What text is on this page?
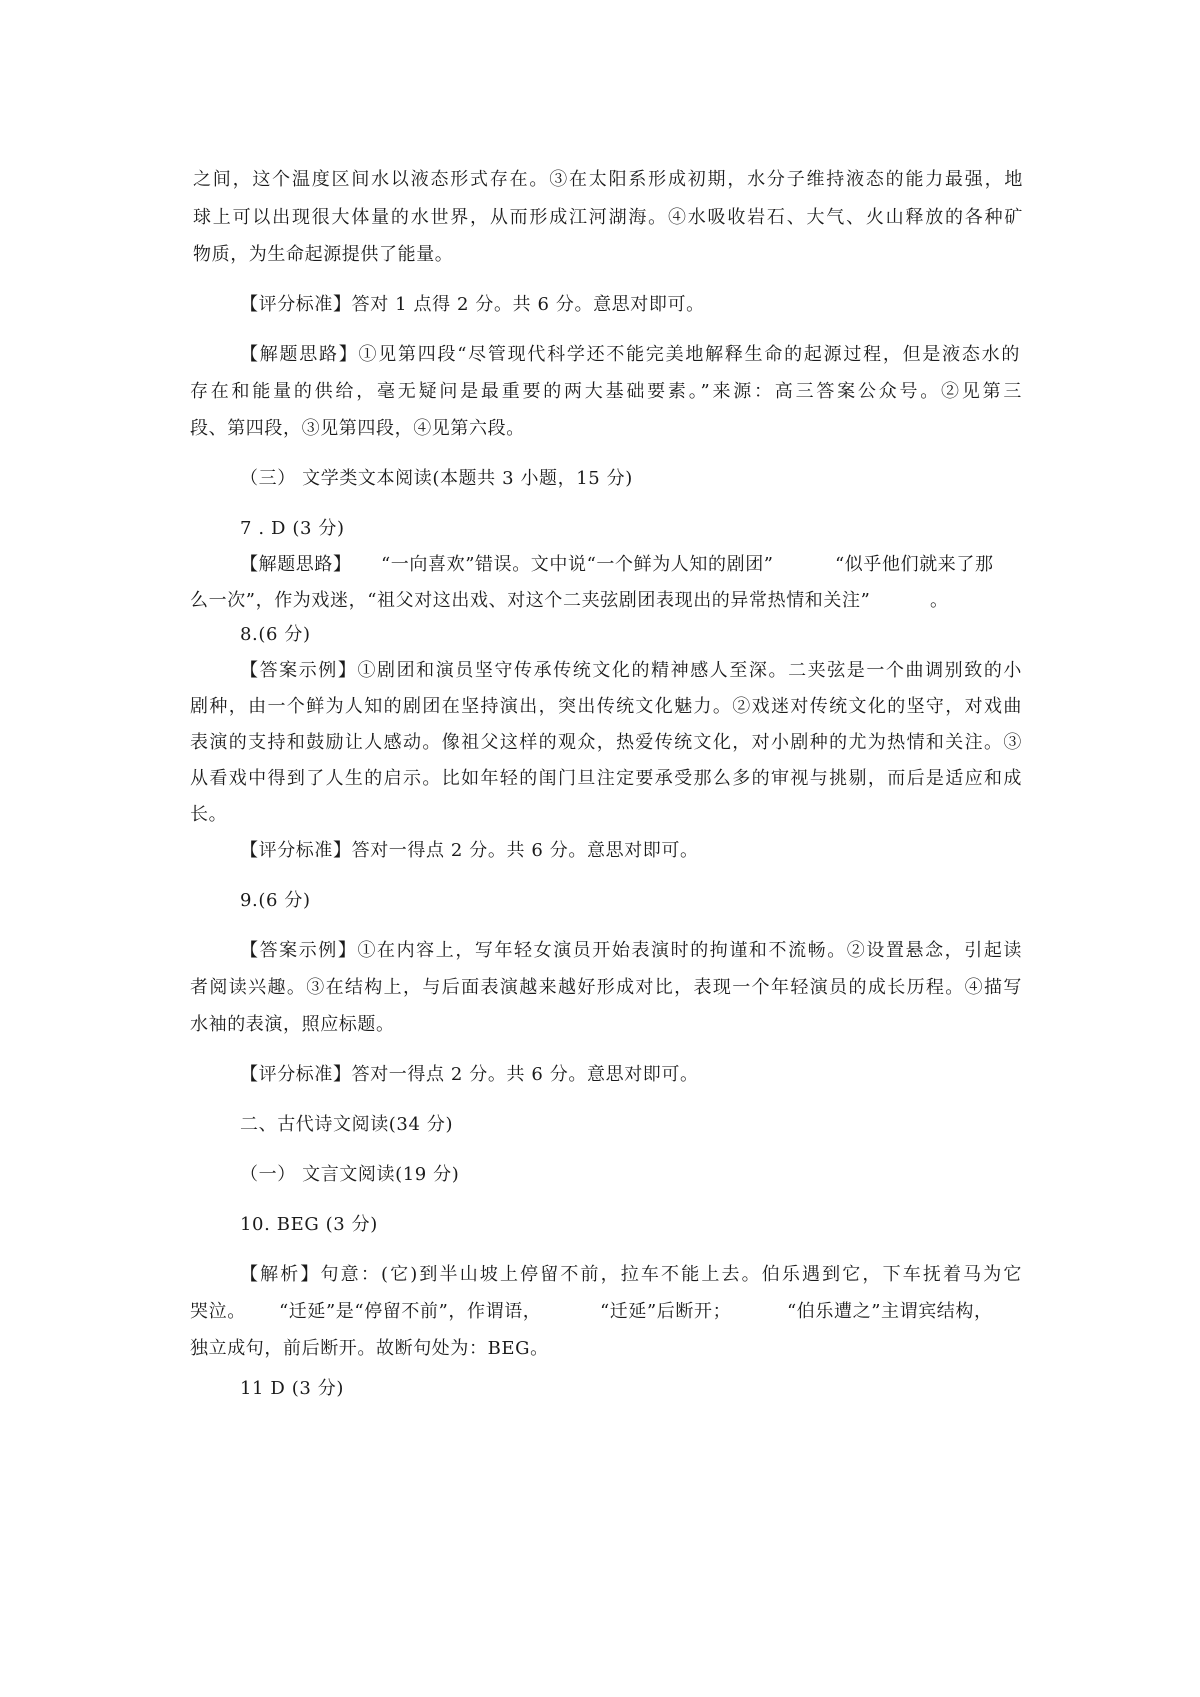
之间，这个温度区间水以液态形式存在。③在太阳系形成初期，水分子维持液态的能力最强，地
球上可以出现很大体量的水世界，从而形成江河湖海。④水吸收岩石、大气、火山释放的各种矿
物质，为生命起源提供了能量。
【评分标准】答对 1 点得 2 分。共 6 分。意思对即可。
【解题思路】①见第四段“尽管现代科学还不能完美地解释生命的起源过程，但是液态水的
存在和能量的供给，毫无疑问是最重要的两大基础要素。”来源：高三答案公众号。②见第三
段、第四段，③见第四段，④见第六段。
（三） 文学类文本阅读(本题共 3 小题，15 分)
7 . D (3 分)
【解题思路】 “一向喜欢”错误。文中说“一个鲜为人知的剧团”	“似乎他们就来了那
么一次”，作为戏迷，“祖父对这出戏、对这个二夹弦剧团表现出的异常热情和关注”	。
8.(6 分)
【答案示例】①剧团和演员坚守传承传统文化的精神感人至深。二夹弦是一个曲调别致的小
剧种，由一个鲜为人知的剧团在坚持演出，突出传统文化魅力。②戏迷对传统文化的坚守，对戏曲
表演的支持和鼓励让人感动。像祖父这样的观众，热爱传统文化，对小剧种的尤为热情和关注。③
从看戏中得到了人生的启示。比如年轻的闺门旦注定要承受那么多的审视与挑剔，而后是适应和成
长。
【评分标准】答对一得点 2 分。共 6 分。意思对即可。
9.(6 分)
【答案示例】①在内容上，写年轻女演员开始表演时的拘谨和不流畅。②设置悬念，引起读
者阅读兴趣。③在结构上，与后面表演越来越好形成对比，表现一个年轻演员的成长历程。④描写
水袖的表演，照应标题。
【评分标准】答对一得点 2 分。共 6 分。意思对即可。
二、古代诗文阅读(34 分)
（一） 文言文阅读(19 分)
10. BEG (3 分)
【解析】句意：(它)到半山坡上停留不前，拉车不能上去。伯乐遇到它，下车抚着马为它
哭泣。 “迁延”是“停留不前”，作谓语，	“迁延”后断开；	“伯乐遭之”主谓宾结构，
独立成句，前后断开。故断句处为：BEG。
11 D (3 分)
